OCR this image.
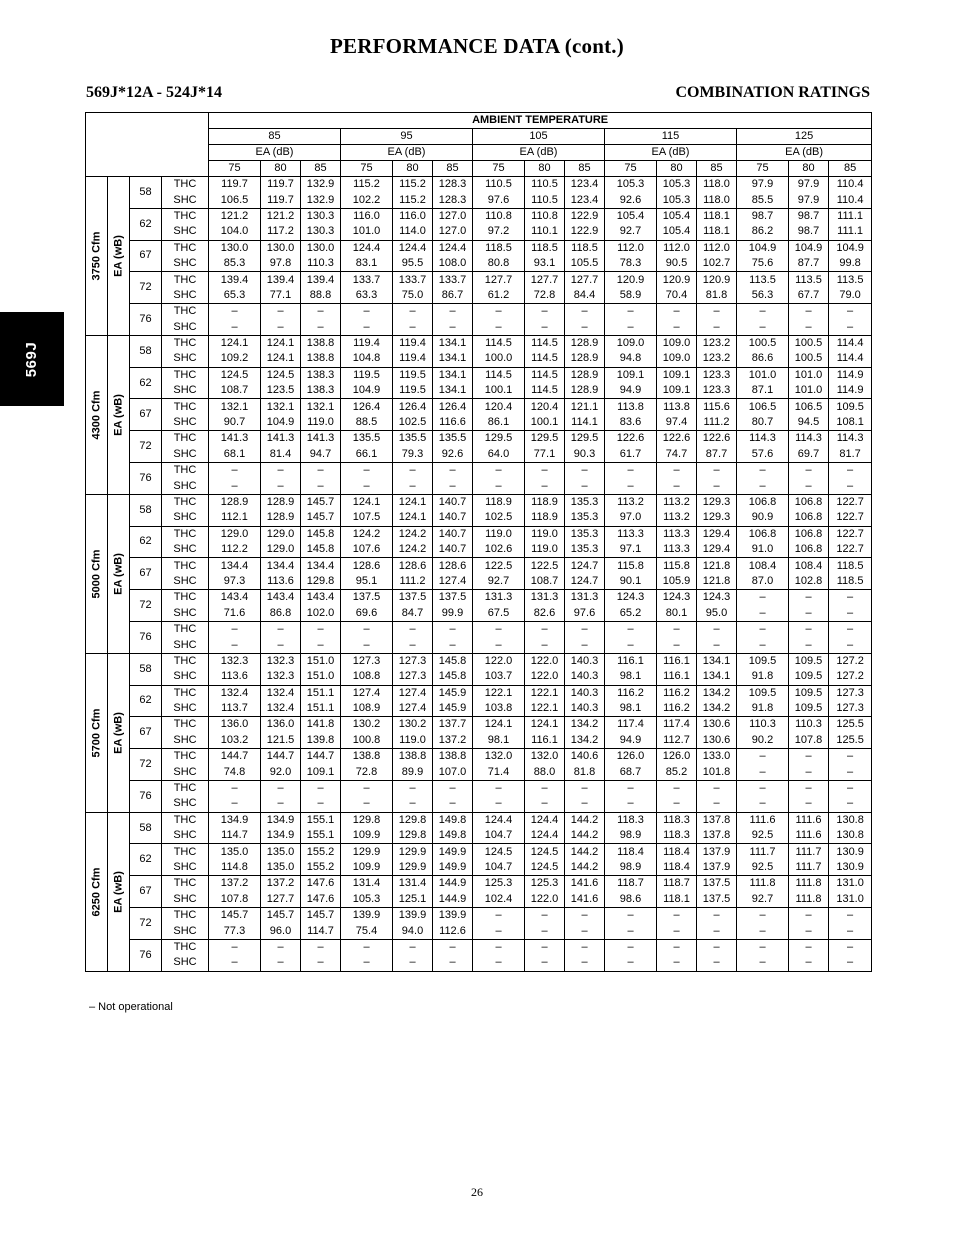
PERFORMANCE DATA (cont.)
569J*12A - 524J*14	COMBINATION RATINGS
569J
				AMBIENT TEMPERATURE														
				85			95			105			115			125		
				EA (dB)			EA (dB)			EA (dB)			EA (dB)			EA (dB)		
				75	80	85	75	80	85	75	80	85	75	80	85	75	80	85

3750 Cfm	EA (wB)	58	THC	119.7	119.7	132.9	115.2	115.2	128.3	110.5	110.5	123.4	105.3	105.3	118.0	97.9	97.9	110.4
			SHC	106.5	119.7	132.9	102.2	115.2	128.3	97.6	110.5	123.4	92.6	105.3	118.0	85.5	97.9	110.4
		62	THC	121.2	121.2	130.3	116.0	116.0	127.0	110.8	110.8	122.9	105.4	105.4	118.1	98.7	98.7	111.1
			SHC	104.0	117.2	130.3	101.0	114.0	127.0	97.2	110.1	122.9	92.7	105.4	118.1	86.2	98.7	111.1
		67	THC	130.0	130.0	130.0	124.4	124.4	124.4	118.5	118.5	118.5	112.0	112.0	112.0	104.9	104.9	104.9
			SHC	85.3	97.8	110.3	83.1	95.5	108.0	80.8	93.1	105.5	78.3	90.5	102.7	75.6	87.7	99.8
		72	THC	139.4	139.4	139.4	133.7	133.7	133.7	127.7	127.7	127.7	120.9	120.9	120.9	113.5	113.5	113.5
			SHC	65.3	77.1	88.8	63.3	75.0	86.7	61.2	72.8	84.4	58.9	70.4	81.8	56.3	67.7	79.0
		76	THC	–	–	–	–	–	–	–	–	–	–	–	–	–	–	–
			SHC	–	–	–	–	–	–	–	–	–	–	–	–	–	–	–

4300 Cfm	EA (wB)	58	THC	124.1	124.1	138.8	119.4	119.4	134.1	114.5	114.5	128.9	109.0	109.0	123.2	100.5	100.5	114.4
			SHC	109.2	124.1	138.8	104.8	119.4	134.1	100.0	114.5	128.9	94.8	109.0	123.2	86.6	100.5	114.4
		62	THC	124.5	124.5	138.3	119.5	119.5	134.1	114.5	114.5	128.9	109.1	109.1	123.3	101.0	101.0	114.9
			SHC	108.7	123.5	138.3	104.9	119.5	134.1	100.1	114.5	128.9	94.9	109.1	123.3	87.1	101.0	114.9
		67	THC	132.1	132.1	132.1	126.4	126.4	126.4	120.4	120.4	121.1	113.8	113.8	115.6	106.5	106.5	109.5
			SHC	90.7	104.9	119.0	88.5	102.5	116.6	86.1	100.1	114.1	83.6	97.4	111.2	80.7	94.5	108.1
		72	THC	141.3	141.3	141.3	135.5	135.5	135.5	129.5	129.5	129.5	122.6	122.6	122.6	114.3	114.3	114.3
			SHC	68.1	81.4	94.7	66.1	79.3	92.6	64.0	77.1	90.3	61.7	74.7	87.7	57.6	69.7	81.7
		76	THC	–	–	–	–	–	–	–	–	–	–	–	–	–	–	–
			SHC	–	–	–	–	–	–	–	–	–	–	–	–	–	–	–

5000 Cfm	EA (wB)	58	THC	128.9	128.9	145.7	124.1	124.1	140.7	118.9	118.9	135.3	113.2	113.2	129.3	106.8	106.8	122.7
			SHC	112.1	128.9	145.7	107.5	124.1	140.7	102.5	118.9	135.3	97.0	113.2	129.3	90.9	106.8	122.7
		62	THC	129.0	129.0	145.8	124.2	124.2	140.7	119.0	119.0	135.3	113.3	113.3	129.4	106.8	106.8	122.7
			SHC	112.2	129.0	145.8	107.6	124.2	140.7	102.6	119.0	135.3	97.1	113.3	129.4	91.0	106.8	122.7
		67	THC	134.4	134.4	134.4	128.6	128.6	128.6	122.5	122.5	124.7	115.8	115.8	121.8	108.4	108.4	118.5
			SHC	97.3	113.6	129.8	95.1	111.2	127.4	92.7	108.7	124.7	90.1	105.9	121.8	87.0	102.8	118.5
		72	THC	143.4	143.4	143.4	137.5	137.5	137.5	131.3	131.3	131.3	124.3	124.3	124.3	–	–	–
			SHC	71.6	86.8	102.0	69.6	84.7	99.9	67.5	82.6	97.6	65.2	80.1	95.0	–	–	–
		76	THC	–	–	–	–	–	–	–	–	–	–	–	–	–	–	–
			SHC	–	–	–	–	–	–	–	–	–	–	–	–	–	–	–

5700 Cfm	EA (wB)	58	THC	132.3	132.3	151.0	127.3	127.3	145.8	122.0	122.0	140.3	116.1	116.1	134.1	109.5	109.5	127.2
			SHC	113.6	132.3	151.0	108.8	127.3	145.8	103.7	122.0	140.3	98.1	116.1	134.1	91.8	109.5	127.2
		62	THC	132.4	132.4	151.1	127.4	127.4	145.9	122.1	122.1	140.3	116.2	116.2	134.2	109.5	109.5	127.3
			SHC	113.7	132.4	151.1	108.9	127.4	145.9	103.8	122.1	140.3	98.1	116.2	134.2	91.8	109.5	127.3
		67	THC	136.0	136.0	141.8	130.2	130.2	137.7	124.1	124.1	134.2	117.4	117.4	130.6	110.3	110.3	125.5
			SHC	103.2	121.5	139.8	100.8	119.0	137.2	98.1	116.1	134.2	94.9	112.7	130.6	90.2	107.8	125.5
		72	THC	144.7	144.7	144.7	138.8	138.8	138.8	132.0	132.0	140.6	126.0	126.0	133.0	–	–	–
			SHC	74.8	92.0	109.1	72.8	89.9	107.0	71.4	88.0	81.8	68.7	85.2	101.8	–	–	–
		76	THC	–	–	–	–	–	–	–	–	–	–	–	–	–	–	–
			SHC	–	–	–	–	–	–	–	–	–	–	–	–	–	–	–

6250 Cfm	EA (wB)	58	THC	134.9	134.9	155.1	129.8	129.8	149.8	124.4	124.4	144.2	118.3	118.3	137.8	111.6	111.6	130.8
			SHC	114.7	134.9	155.1	109.9	129.8	149.8	104.7	124.4	144.2	98.9	118.3	137.8	92.5	111.6	130.8
		62	THC	135.0	135.0	155.2	129.9	129.9	149.9	124.5	124.5	144.2	118.4	118.4	137.9	111.7	111.7	130.9
			SHC	114.8	135.0	155.2	109.9	129.9	149.9	104.7	124.5	144.2	98.9	118.4	137.9	92.5	111.7	130.9
		67	THC	137.2	137.2	147.6	131.4	131.4	144.9	125.3	125.3	141.6	118.7	118.7	137.5	111.8	111.8	131.0
			SHC	107.8	127.7	147.6	105.3	125.1	144.9	102.4	122.0	141.6	98.6	118.1	137.5	92.7	111.8	131.0
		72	THC	145.7	145.7	145.7	139.9	139.9	139.9	–	–	–	–	–	–	–	–	–
			SHC	77.3	96.0	114.7	75.4	94.0	112.6	–	–	–	–	–	–	–	–	–
		76	THC	–	–	–	–	–	–	–	–	–	–	–	–	–	–	–
			SHC	–	–	–	–	–	–	–	–	–	–	–	–	–	–	–
– Not operational
26
